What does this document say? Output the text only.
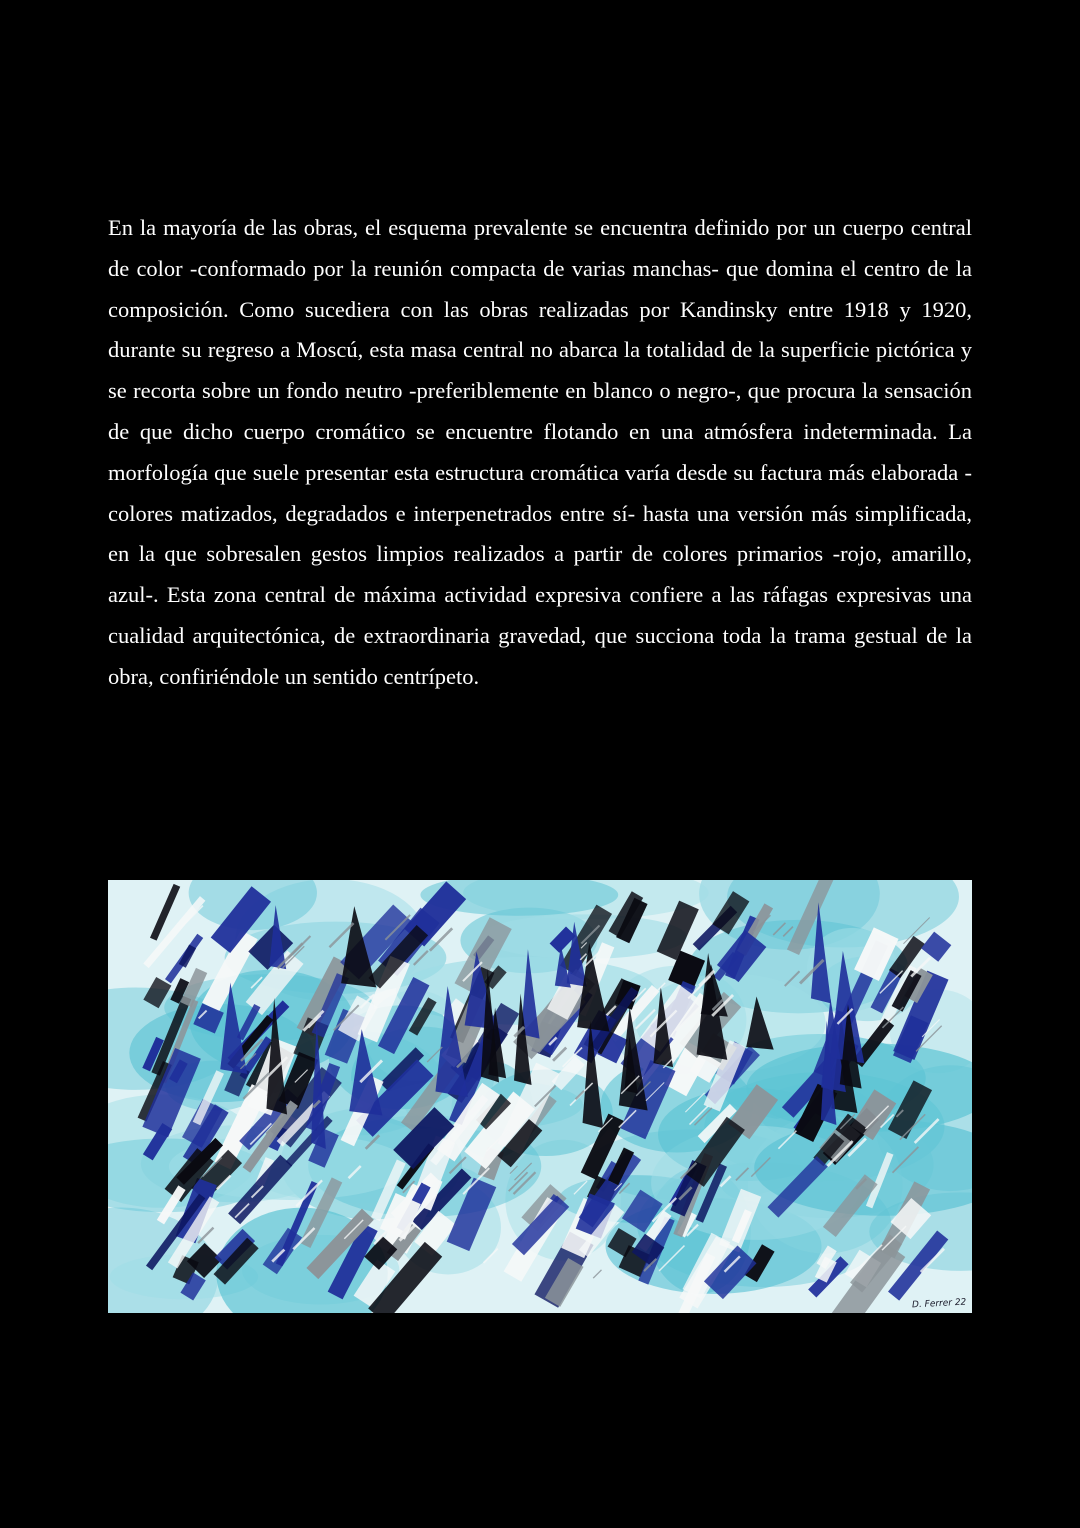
En la mayoría de las obras, el esquema prevalente se encuentra definido por un cuerpo central de color -conformado por la reunión compacta de varias manchas- que domina el centro de la composición. Como sucediera con las obras realizadas por Kandinsky entre 1918 y 1920, durante su regreso a Moscú, esta masa central no abarca la totalidad de la superficie pictórica y se recorta sobre un fondo neutro -preferiblemente en blanco o negro-, que procura la sensación de que dicho cuerpo cromático se encuentre flotando en una atmósfera indeterminada. La morfología que suele presentar esta estructura cromática varía desde su factura más elaborada -colores matizados, degradados e interpenetrados entre sí- hasta una versión más simplificada, en la que sobresalen gestos limpios realizados a partir de colores primarios -rojo, amarillo, azul-. Esta zona central de máxima actividad expresiva confiere a las ráfagas expresivas una cualidad arquitectónica, de extraordinaria gravedad, que succiona toda la trama gestual de la obra, confiriéndole un sentido centrípeto.

D. Ferrer 22
